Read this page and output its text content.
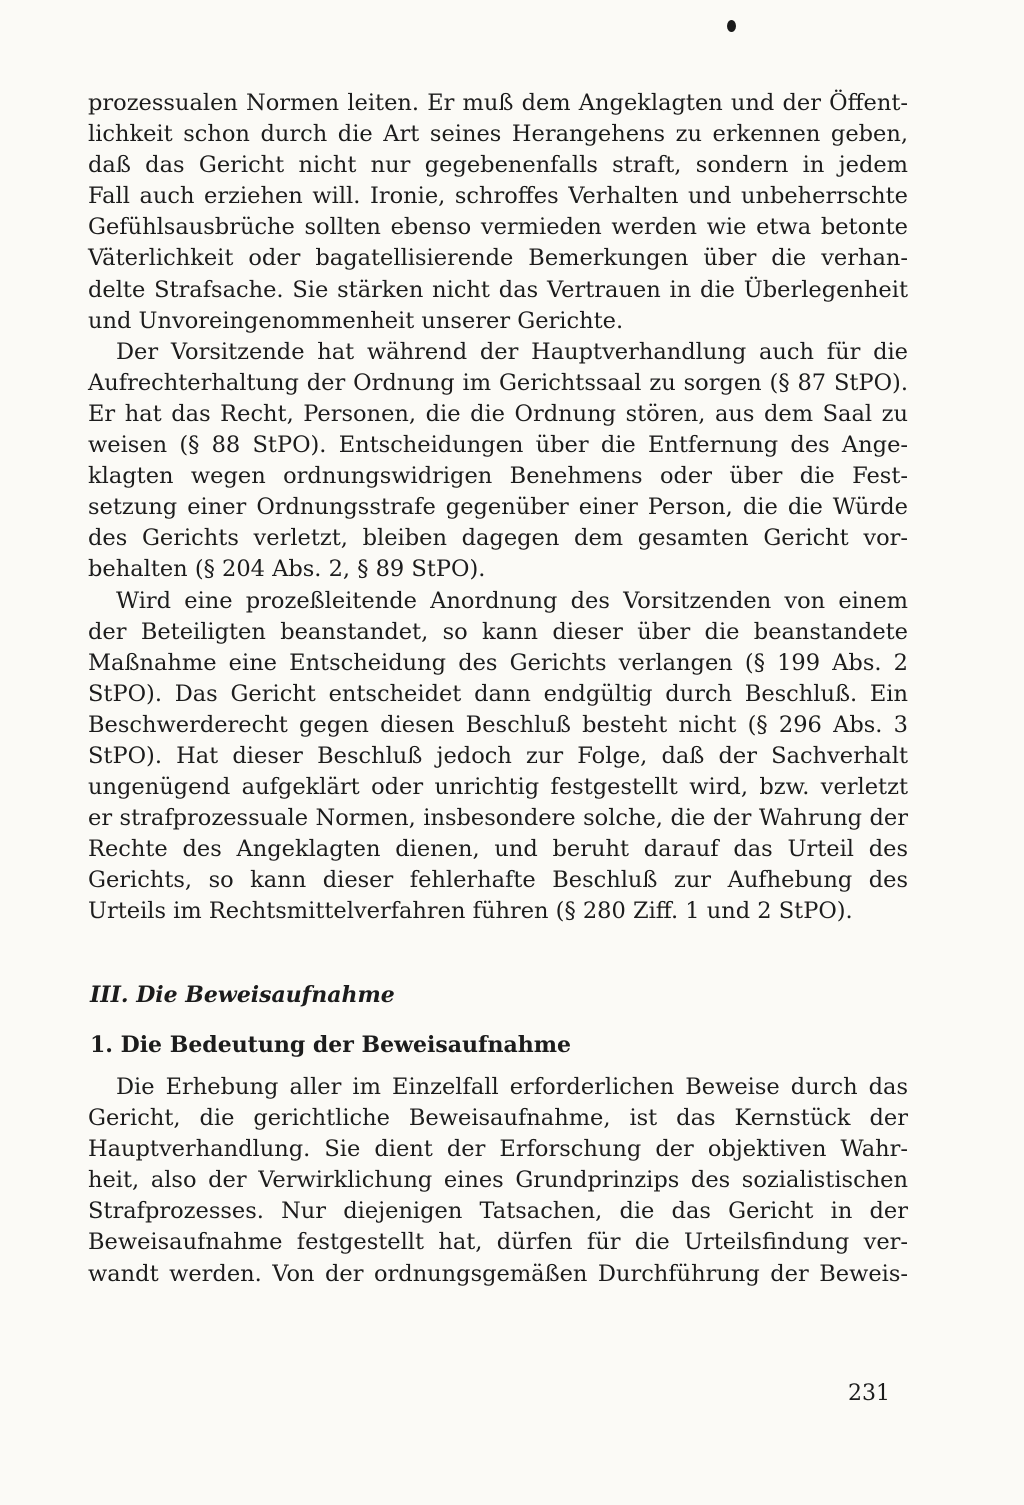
prozessualen Normen leiten. Er muß dem Angeklagten und der Öffent-
lichkeit schon durch die Art seines Herangehens zu erkennen geben,
daß das Gericht nicht nur gegebenenfalls straft, sondern in jedem
Fall auch erziehen will. Ironie, schroffes Verhalten und unbeherrschte
Gefühlsausbrüche sollten ebenso vermieden werden wie etwa betonte
Väterlichkeit oder bagatellisierende Bemerkungen über die verhan-
delte Strafsache. Sie stärken nicht das Vertrauen in die Überlegenheit
und Unvoreingenommenheit unserer Gerichte.
Der Vorsitzende hat während der Hauptverhandlung auch für die
Aufrechterhaltung der Ordnung im Gerichtssaal zu sorgen (§ 87 StPO).
Er hat das Recht, Personen, die die Ordnung stören, aus dem Saal zu
weisen (§ 88 StPO). Entscheidungen über die Entfernung des Ange-
klagten wegen ordnungswidrigen Benehmens oder über die Fest-
setzung einer Ordnungsstrafe gegenüber einer Person, die die Würde
des Gerichts verletzt, bleiben dagegen dem gesamten Gericht vor-
behalten (§ 204 Abs. 2, § 89 StPO).
Wird eine prozeßleitende Anordnung des Vorsitzenden von einem
der Beteiligten beanstandet, so kann dieser über die beanstandete
Maßnahme eine Entscheidung des Gerichts verlangen (§ 199 Abs. 2
StPO). Das Gericht entscheidet dann endgültig durch Beschluß. Ein
Beschwerderecht gegen diesen Beschluß besteht nicht (§ 296 Abs. 3
StPO). Hat dieser Beschluß jedoch zur Folge, daß der Sachverhalt
ungenügend aufgeklärt oder unrichtig festgestellt wird, bzw. verletzt
er strafprozessuale Normen, insbesondere solche, die der Wahrung der
Rechte des Angeklagten dienen, und beruht darauf das Urteil des
Gerichts, so kann dieser fehlerhafte Beschluß zur Aufhebung des
Urteils im Rechtsmittelverfahren führen (§ 280 Ziff. 1 und 2 StPO).
III. Die Beweisaufnahme
1. Die Bedeutung der Beweisaufnahme
Die Erhebung aller im Einzelfall erforderlichen Beweise durch das
Gericht, die gerichtliche Beweisaufnahme, ist das Kernstück der
Hauptverhandlung. Sie dient der Erforschung der objektiven Wahr-
heit, also der Verwirklichung eines Grundprinzips des sozialistischen
Strafprozesses. Nur diejenigen Tatsachen, die das Gericht in der
Beweisaufnahme festgestellt hat, dürfen für die Urteilsfindung ver-
wandt werden. Von der ordnungsgemäßen Durchführung der Beweis-
231
